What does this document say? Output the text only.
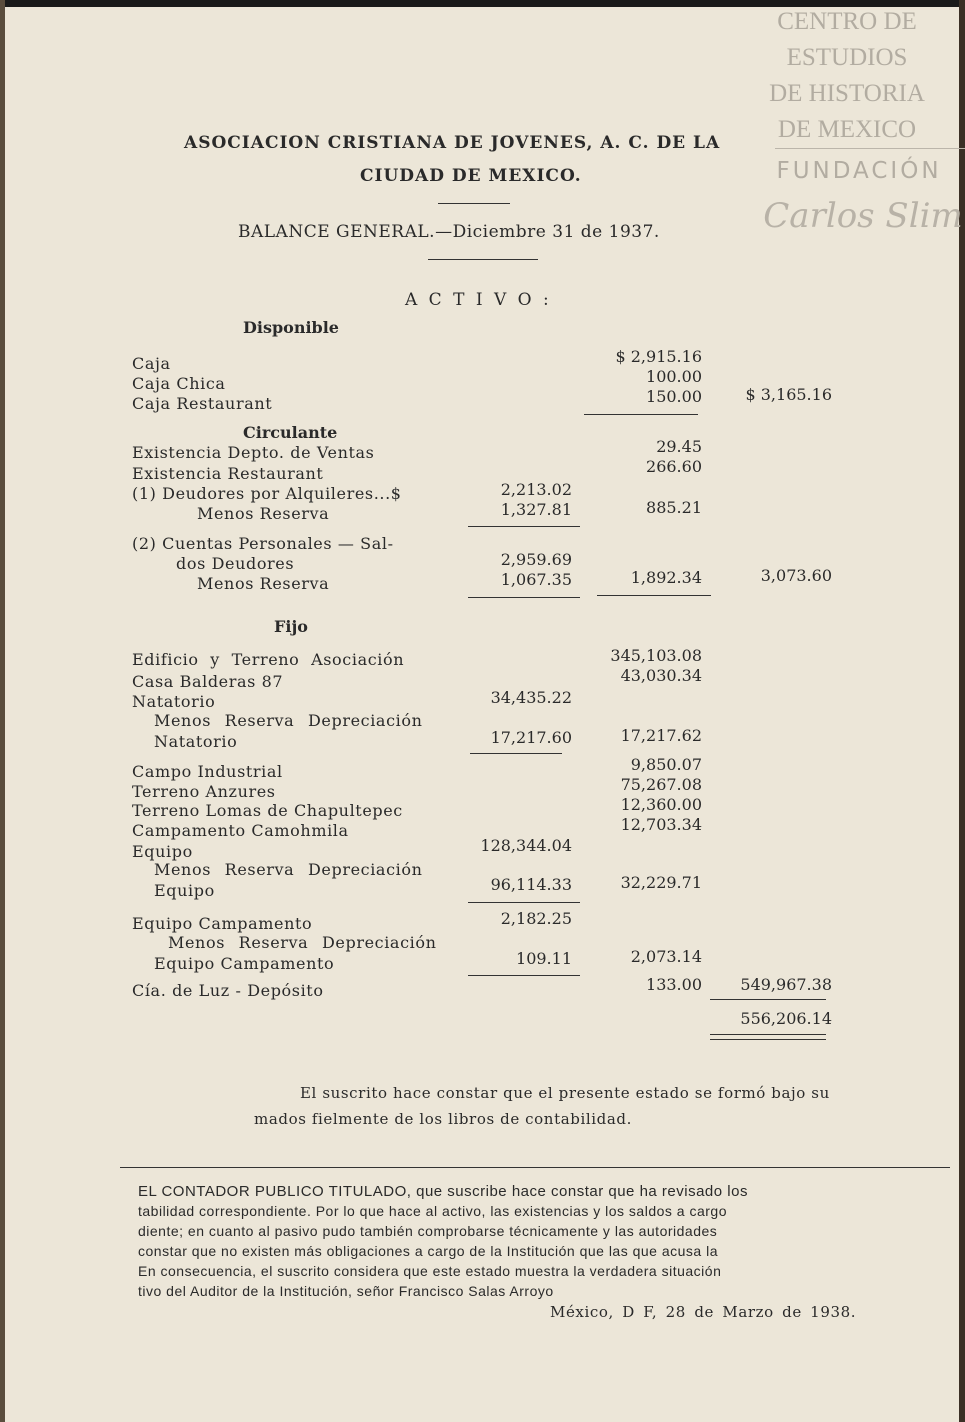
CENTRO DE
ESTUDIOS
DE HISTORIA
DE MEXICO
FUNDACIÓN
Carlos Slim
ASOCIACION CRISTIANA DE JOVENES, A. C. DE LA
CIUDAD DE MEXICO.
BALANCE GENERAL.—Diciembre 31 de 1937.
A C T I V O :
Disponible
Caja	$ 2,915.16
Caja Chica	100.00
Caja Restaurant	150.00	$ 3,165.16
Circulante
Existencia Depto. de Ventas	29.45
Existencia Restaurant	266.60
(1) Deudores por Alquileres...$	2,213.02
Menos Reserva	1,327.81	885.21
(2) Cuentas Personales — Sal-
dos Deudores	2,959.69
Menos Reserva	1,067.35	1,892.34	3,073.60
Fijo
Edificio y Terreno Asociación	345,103.08
Casa Balderas 87	43,030.34
Natatorio	34,435.22
Menos Reserva Depreciación
Natatorio	17,217.60	17,217.62
Campo Industrial	9,850.07
Terreno Anzures	75,267.08
Terreno Lomas de Chapultepec	12,360.00
Campamento Camohmila	12,703.34
Equipo	128,344.04
Menos Reserva Depreciación
Equipo	96,114.33	32,229.71
Equipo Campamento	2,182.25
Menos Reserva Depreciación
Equipo Campamento	109.11	2,073.14
Cía. de Luz - Depósito	133.00	549,967.38
556,206.14
El suscrito hace constar que el presente estado se formó bajo su
mados fielmente de los libros de contabilidad.
EL CONTADOR PUBLICO TITULADO, que suscribe hace constar que ha revisado los
tabilidad correspondiente. Por lo que hace al activo, las existencias y los saldos a cargo
diente; en cuanto al pasivo pudo también comprobarse técnicamente y las autoridades
constar que no existen más obligaciones a cargo de la Institución que las que acusa la
En consecuencia, el suscrito considera que este estado muestra la verdadera situación
tivo del Auditor de la Institución, señor Francisco Salas Arroyo
México, D F, 28 de Marzo de 1938.
